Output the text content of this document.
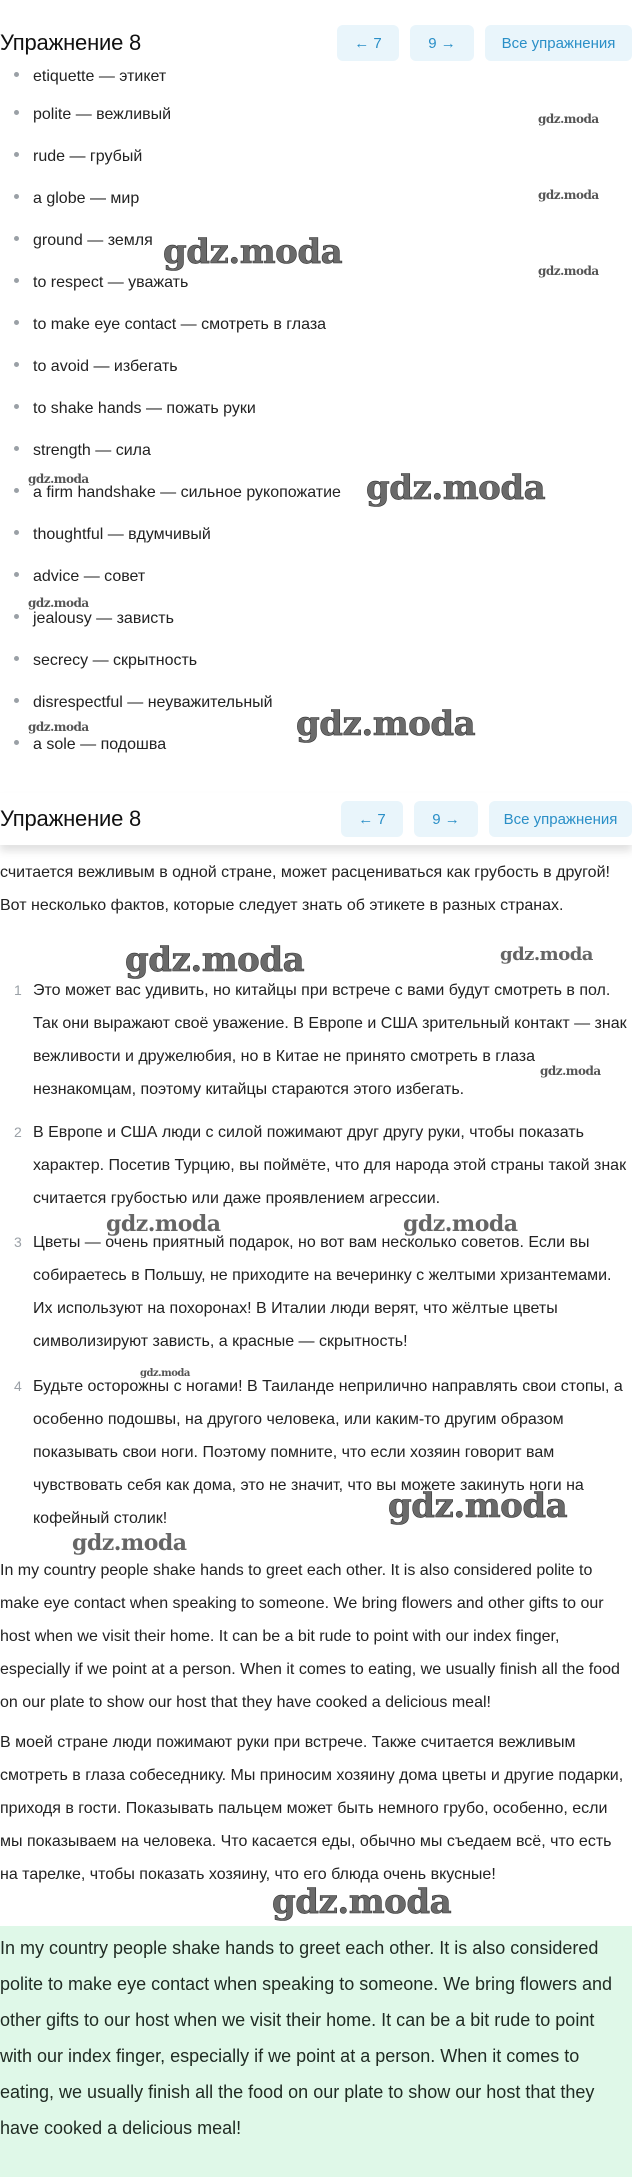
Упражнение 8	← 7	9 →	Все упражнения
etiquette — этикет
polite — вежливый
rude — грубый
a globe — мир
ground — земля
to respect — уважать
to make eye contact — смотреть в глаза
to avoid — избегать
to shake hands — пожать руки
strength — сила
a firm handshake — сильное рукопожатие
thoughtful — вдумчивый
advice — совет
jealousy — зависть
secrecy — скрытность
disrespectful — неуважительный
a sole — подошва
Упражнение 8	← 7	9 →	Все упражнения
считается вежливым в одной стране, может расцениваться как грубость в другой! Вот несколько фактов, которые следует знать об этикете в разных странах.
1 Это может вас удивить, но китайцы при встрече с вами будут смотреть в пол. Так они выражают своё уважение. В Европе и США зрительный контакт — знак вежливости и дружелюбия, но в Китае не принято смотреть в глаза незнакомцам, поэтому китайцы стараются этого избегать.
2 В Европе и США люди с силой пожимают друг другу руки, чтобы показать характер. Посетив Турцию, вы поймёте, что для народа этой страны такой знак считается грубостью или даже проявлением агрессии.
3 Цветы — очень приятный подарок, но вот вам несколько советов. Если вы собираетесь в Польшу, не приходите на вечеринку с желтыми хризантемами. Их используют на похоронах! В Италии люди верят, что жёлтые цветы символизируют зависть, а красные — скрытность!
4 Будьте осторожны с ногами! В Таиланде неприлично направлять свои стопы, а особенно подошвы, на другого человека, или каким-то другим образом показывать свои ноги. Поэтому помните, что если хозяин говорит вам чувствовать себя как дома, это не значит, что вы можете закинуть ноги на кофейный столик!
In my country people shake hands to greet each other. It is also considered polite to make eye contact when speaking to someone. We bring flowers and other gifts to our host when we visit their home. It can be a bit rude to point with our index finger, especially if we point at a person. When it comes to eating, we usually finish all the food on our plate to show our host that they have cooked a delicious meal!
В моей стране люди пожимают руки при встрече. Также считается вежливым смотреть в глаза собеседнику. Мы приносим хозяину дома цветы и другие подарки, приходя в гости. Показывать пальцем может быть немного грубо, особенно, если мы показываем на человека. Что касается еды, обычно мы съедаем всё, что есть на тарелке, чтобы показать хозяину, что его блюда очень вкусные!
In my country people shake hands to greet each other. It is also considered polite to make eye contact when speaking to someone. We bring flowers and other gifts to our host when we visit their home. It can be a bit rude to point with our index finger, especially if we point at a person. When it comes to eating, we usually finish all the food on our plate to show our host that they have cooked a delicious meal!
gdz.moda
gdz.moda
gdz.moda
gdz.moda
gdz.moda
gdz.moda
gdz.moda	gdz.moda
gdz.moda
gdz.moda
gdz.moda
gdz.moda
gdz.moda
gdz.moda
gdz.moda
gdz.moda
gdz.moda
gdz.moda
